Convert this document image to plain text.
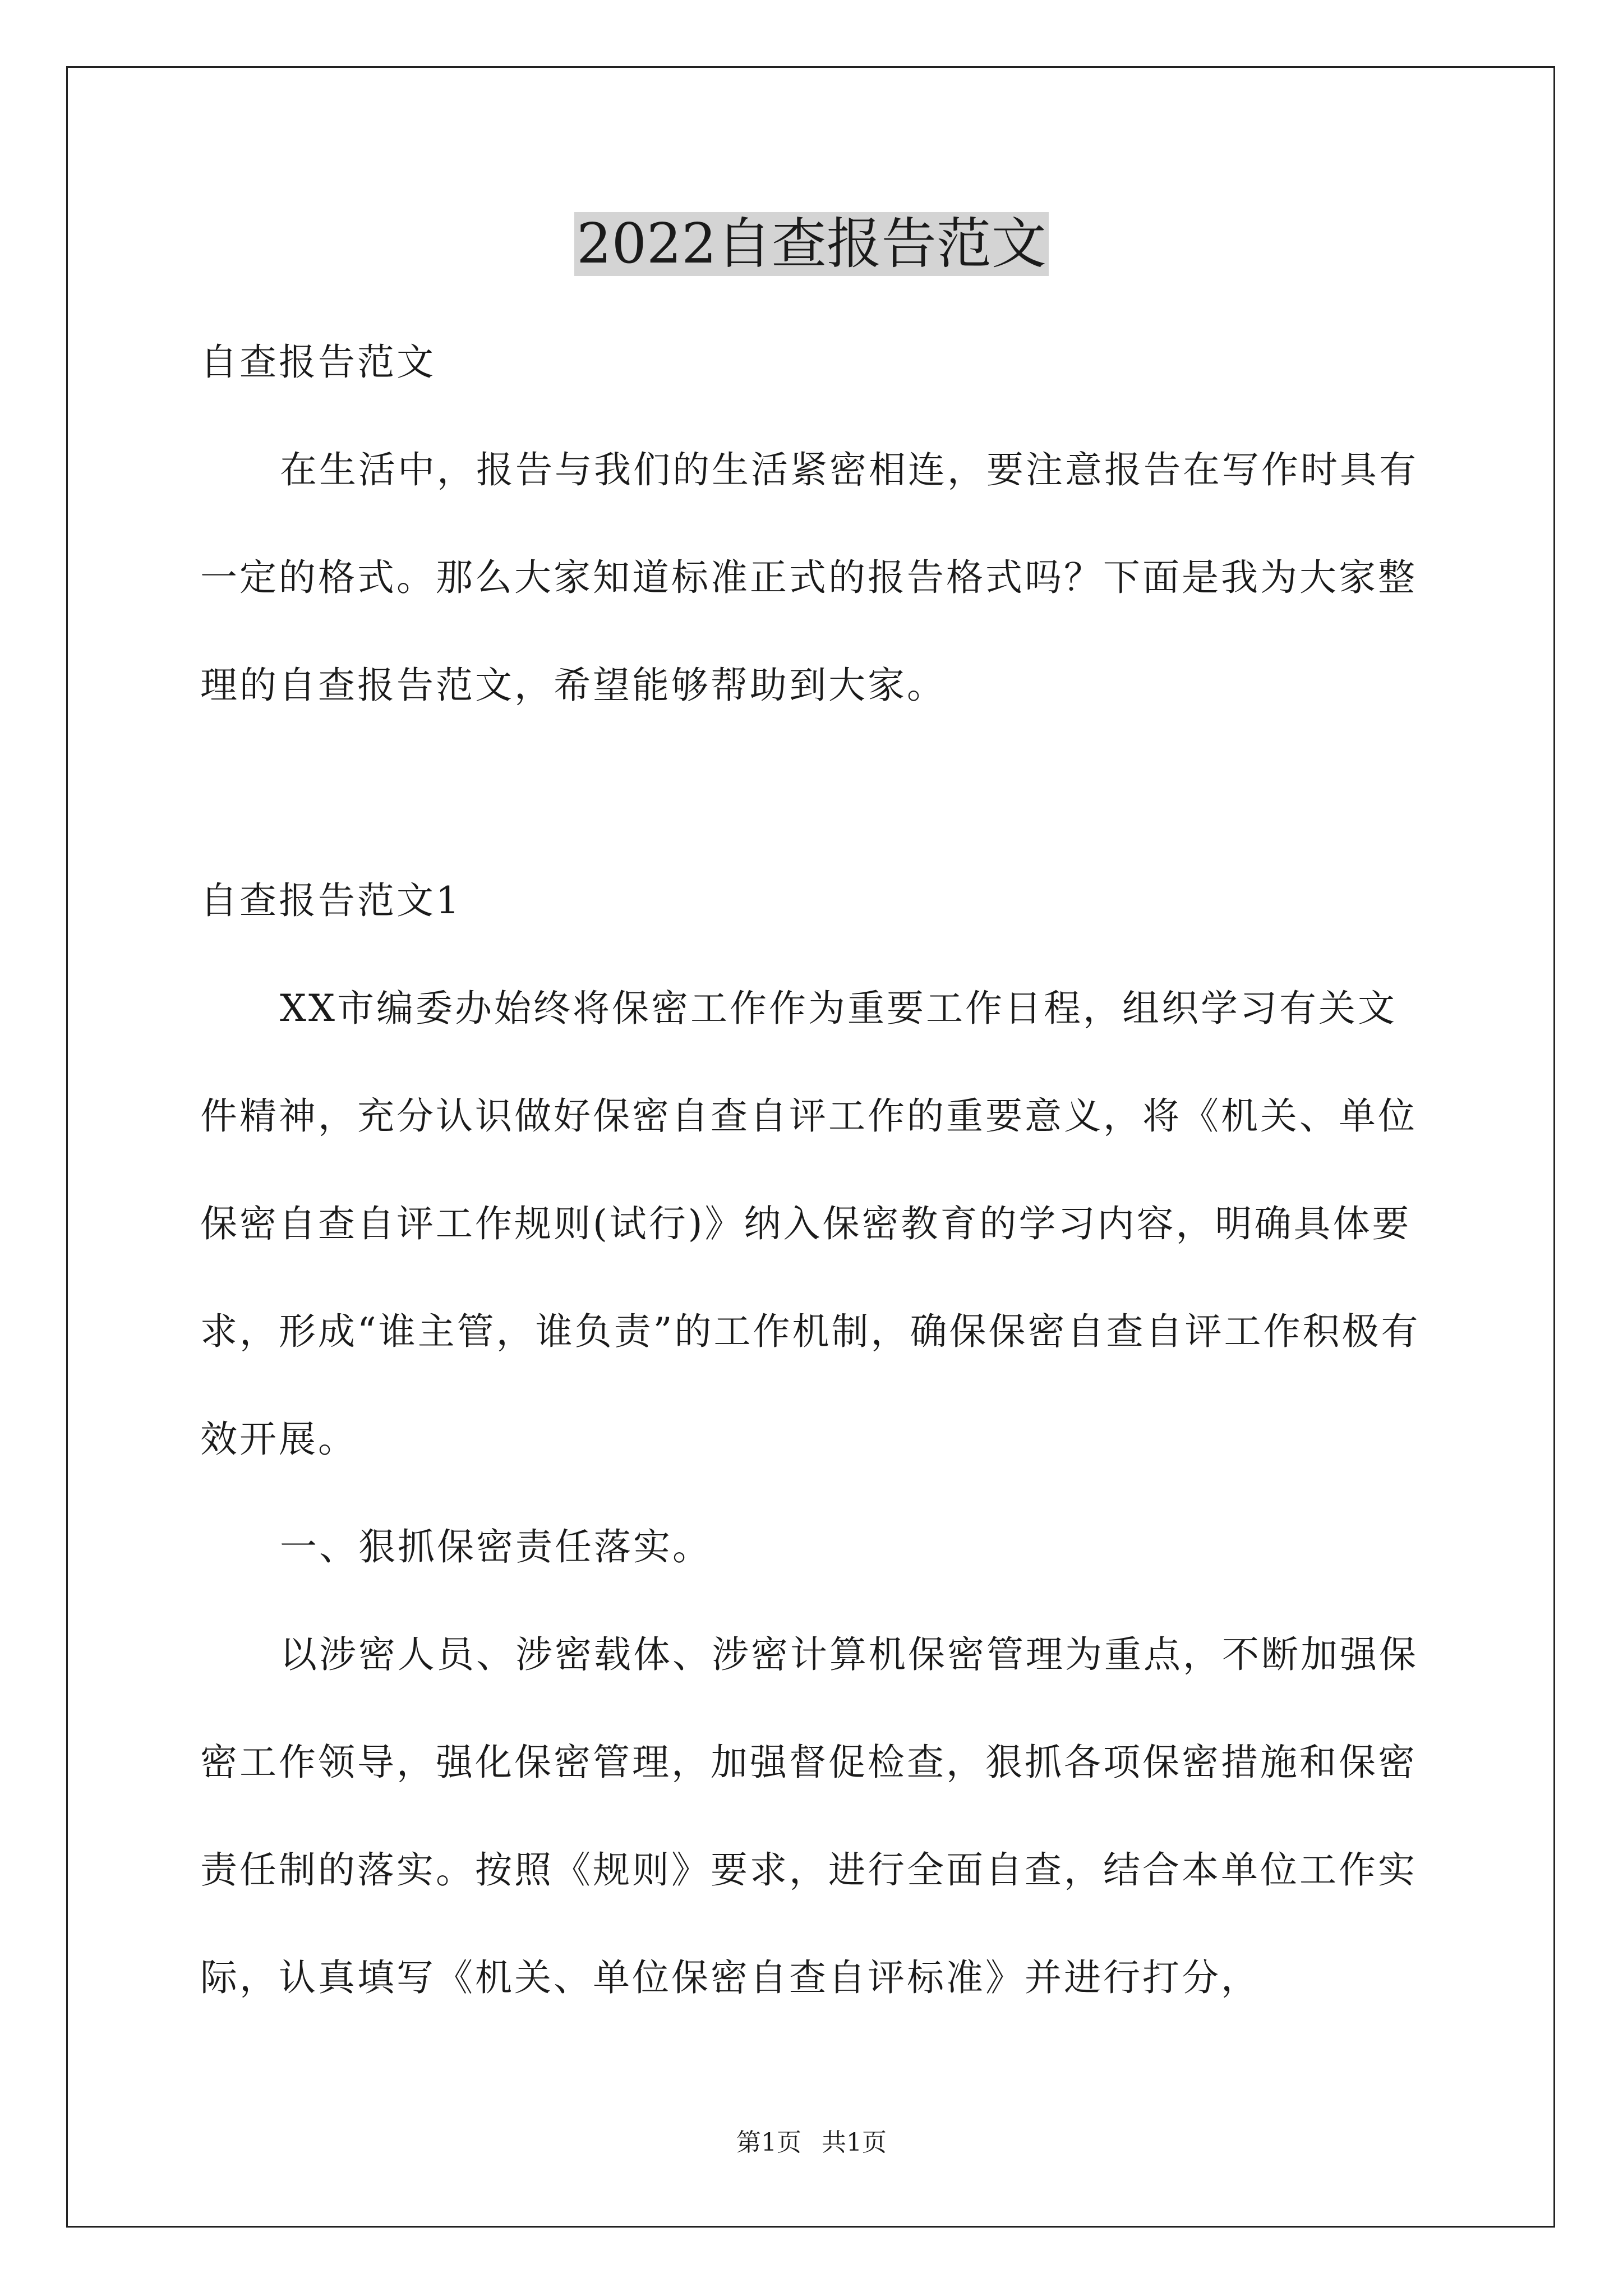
2022自查报告范文

自查报告范文

在生活中，报告与我们的生活紧密相连，要注意报告在写作时具有一定的格式。那么大家知道标准正式的报告格式吗？下面是我为大家整理的自查报告范文，希望能够帮助到大家。

自查报告范文1

XX市编委办始终将保密工作作为重要工作日程，组织学习有关文件精神，充分认识做好保密自查自评工作的重要意义，将《机关、单位保密自查自评工作规则(试行)》纳入保密教育的学习内容，明确具体要求，形成“谁主管，谁负责”的工作机制，确保保密自查自评工作积极有效开展。

一、狠抓保密责任落实。

以涉密人员、涉密载体、涉密计算机保密管理为重点，不断加强保密工作领导，强化保密管理，加强督促检查，狠抓各项保密措施和保密责任制的落实。按照《规则》要求，进行全面自查，结合本单位工作实际，认真填写《机关、单位保密自查自评标准》并进行打分，

第1页 共1页
